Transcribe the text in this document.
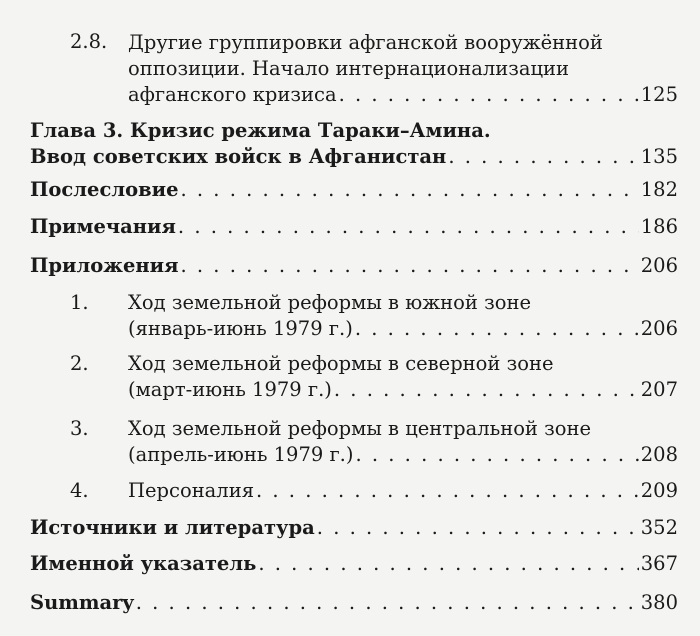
2.8. Другие группировки афганской вооружённой
оппозиции. Начало интернационализации
афганского кризиса . . .	125
Глава 3. Кризис режима Тараки–Амина.
Ввод советских войск в Афганистан . . .	135
Послесловие . . .	182
Примечания . . .	186
Приложения . . .	206
1. Ход земельной реформы в южной зоне
(январь-июнь 1979 г.) . . .	206
2. Ход земельной реформы в северной зоне
(март-июнь 1979 г.) . . .	207
3. Ход земельной реформы в центральной зоне
(апрель-июнь 1979 г.) . . .	208
4. Персоналия . . .	209
Источники и литература . . .	352
Именной указатель . . .	367
Summary . . .	380
